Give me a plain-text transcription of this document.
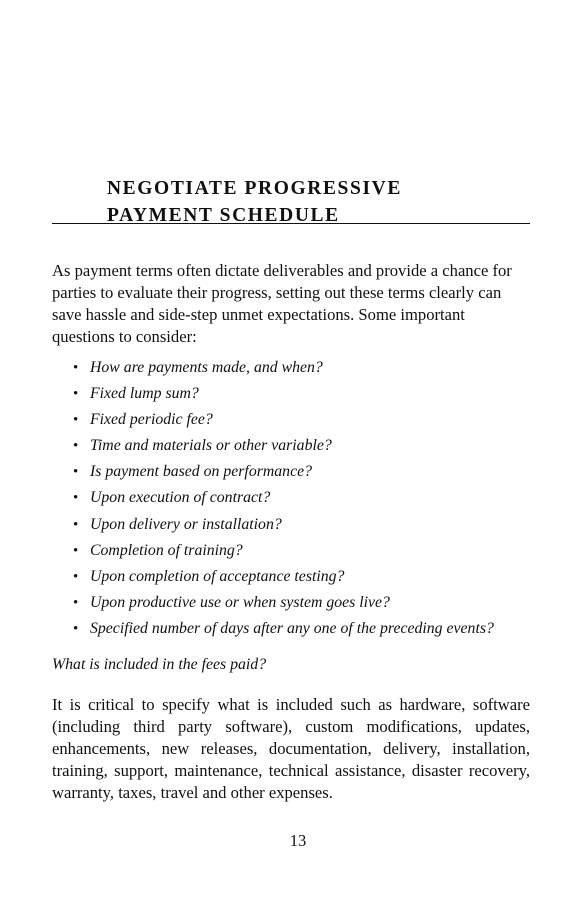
NEGOTIATE PROGRESSIVE
PAYMENT SCHEDULE

As payment terms often dictate deliverables and provide a chance for parties to evaluate their progress, setting out these terms clearly can save hassle and side-step unmet expectations. Some important questions to consider:

• How are payments made, and when?
• Fixed lump sum?
• Fixed periodic fee?
• Time and materials or other variable?
• Is payment based on performance?
• Upon execution of contract?
• Upon delivery or installation?
• Completion of training?
• Upon completion of acceptance testing?
• Upon productive use or when system goes live?
• Specified number of days after any one of the preceding events?

What is included in the fees paid?

It is critical to specify what is included such as hardware, software (including third party software), custom modifications, updates, enhancements, new releases, documentation, delivery, installation, training, support, maintenance, technical assistance, disaster recovery, warranty, taxes, travel and other expenses.

13
